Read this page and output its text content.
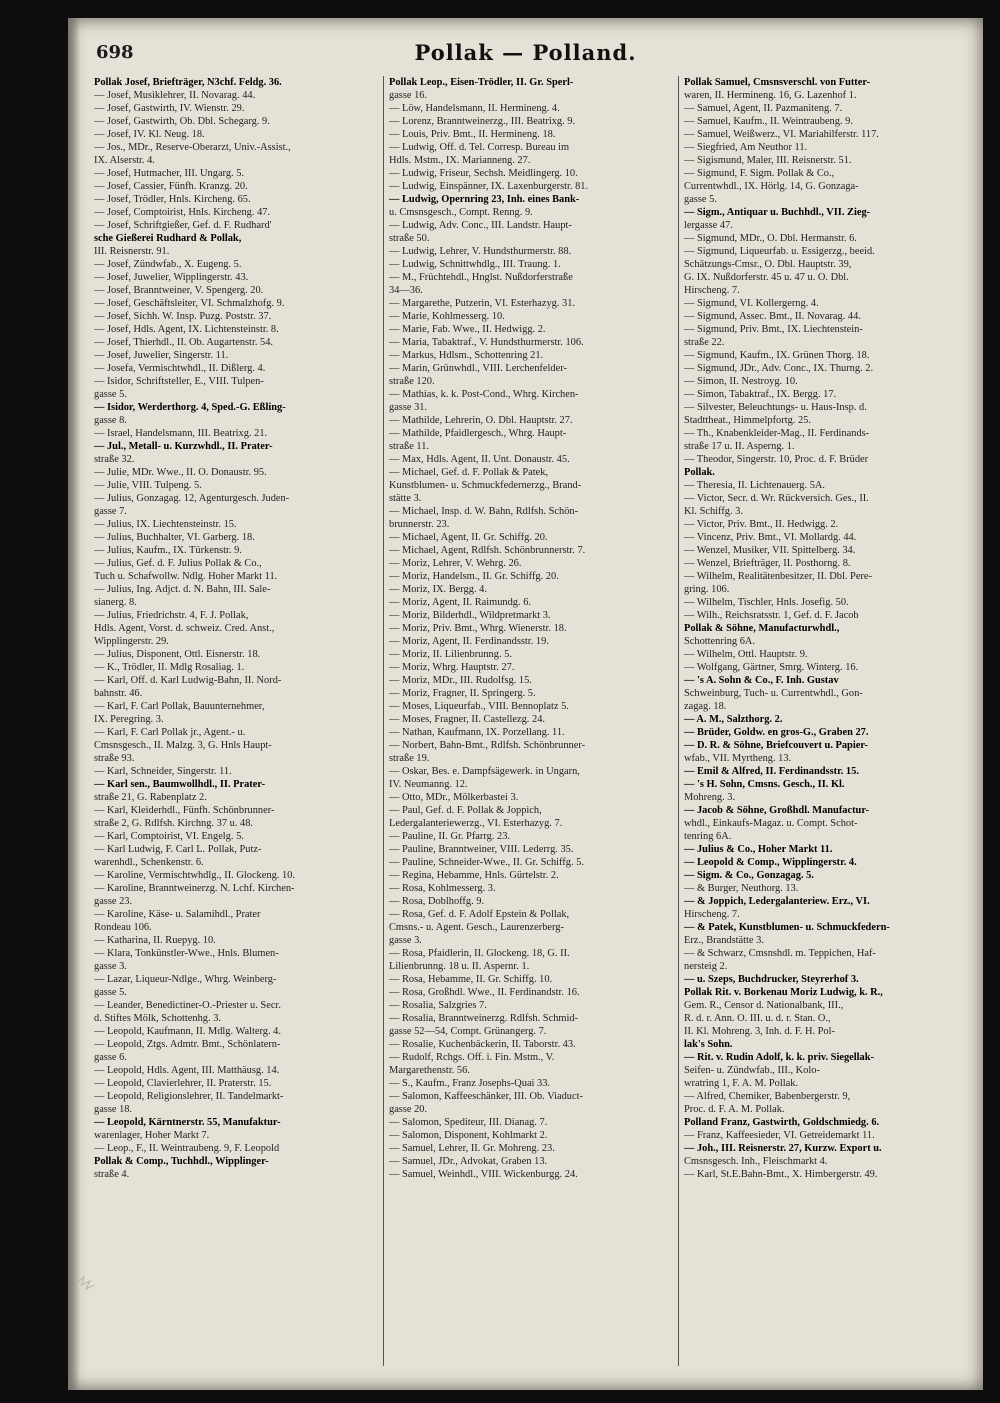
698	Pollak — Polland.

Pollak Josef, Briefträger, N3chf. Feldg. 36.

— Josef, Musiklehrer, II. Novarag. 44.

— Josef, Gastwirth, IV. Wienstr. 29.

— Josef, Gastwirth, Ob. Dbl. Schegarg. 9.

— Josef, IV. Kl. Neug. 18.

— Jos., MDr., Reserve-Oberarzt, Univ.-Assist.,

IX. Alserstr. 4.

— Josef, Hutmacher, III. Ungarg. 5.

— Josef, Cassier, Fünfh. Kranzg. 20.

— Josef, Trödler, Hnls. Kircheng. 65.

— Josef, Comptoirist, Hnls. Kircheng. 47.

— Josef, Schriftgießer, Gef. d. F. Rudhard'

sche Gießerei Rudhard & Pollak,

III. Reisnerstr. 91.

— Josef, Zündwfab., X. Eugeng. 5.

— Josef, Juwelier, Wipplingerstr. 43.

— Josef, Branntweiner, V. Spengerg. 20.

— Josef, Geschäftsleiter, VI. Schmalzhofg. 9.

— Josef, Sichh. W. Insp. Puzg. Poststr. 37.

— Josef, Hdls. Agent, IX. Lichtensteinstr. 8.

— Josef, Thierhdl., II. Ob. Augartenstr. 54.

— Josef, Juwelier, Singerstr. 11.

— Josefa, Vermischtwhdl., II. Dißlerg. 4.

— Isidor, Schriftsteller, E., VIII. Tulpen-

gasse 5.

— Isidor, Werderthorg. 4, Sped.-G. Eßling-

gasse 8.

— Israel, Handelsmann, III. Beatrixg. 21.

— Jul., Metall- u. Kurzwhdl., II. Prater-

straße 32.

— Julie, MDr. Wwe., II. O. Donaustr. 95.

— Julie, VIII. Tulpeng. 5.

— Julius, Gonzagag. 12, Agenturgesch. Juden-

gasse 7.

— Julius, IX. Liechtensteinstr. 15.

— Julius, Buchhalter, VI. Garberg. 18.

— Julius, Kaufm., IX. Türkenstr. 9.

— Julius, Gef. d. F. Julius Pollak & Co.,

Tuch u. Schafwollw. Ndlg. Hoher Markt 11.

— Julius, Ing. Adjct. d. N. Bahn, III. Sale-

sianerg. 8.

— Julius, Friedrichstr. 4, F. J. Pollak,

Hdls. Agent, Vorst. d. schweiz. Cred. Anst.,

Wipplingerstr. 29.

— Julius, Disponent, Ottl. Eisnerstr. 18.

— K., Trödler, II. Mdlg Rosaliag. 1.

— Karl, Off. d. Karl Ludwig-Bahn, II. Nord-

bahnstr. 46.

— Karl, F. Carl Pollak, Bauunternehmer,

IX. Peregring. 3.

— Karl, F. Carl Pollak jr., Agent.- u.

Cmsnsgesch., II. Malzg. 3, G. Hnls Haupt-

straße 93.

— Karl, Schneider, Singerstr. 11.

— Karl sen., Baumwollhdl., II. Prater-

straße 21, G. Rabenplatz 2.

— Karl, Kleiderhdl., Fünfh. Schönbrunner-

straße 2, G. Rdlfsh. Kirchng. 37 u. 48.

— Karl, Comptoirist, VI. Engelg. 5.

— Karl Ludwig, F. Carl L. Pollak, Putz-

warenhdl., Schenkenstr. 6.

— Karoline, Vermischtwhdlg., II. Glockeng. 10.

— Karoline, Branntweinerzg. N. Lchf. Kirchen-

gasse 23.

— Karoline, Käse- u. Salamihdl., Prater

Rondeau 106.

— Katharina, II. Ruepyg. 10.

— Klara, Tonkünstler-Wwe., Hnls. Blumen-

gasse 3.

— Lazar, Liqueur-Ndlge., Whrg. Weinberg-

gasse 5.

— Leander, Benedictiner-O.-Priester u. Secr.

d. Stiftes Mölk, Schottenhg. 3.

— Leopold, Kaufmann, II. Mdlg. Walterg. 4.

— Leopold, Ztgs. Admtr. Bmt., Schönlatern-

gasse 6.

— Leopold, Hdls. Agent, III. Matthäusg. 14.

— Leopold, Clavierlehrer, II. Praterstr. 15.

— Leopold, Religionslehrer, II. Tandelmarkt-

gasse 18.

— Leopold, Kärntnerstr. 55, Manufaktur-

warenlager, Hoher Markt 7.

— Leop., F., II. Weintraubeng. 9, F. Leopold

Pollak & Comp., Tuchhdl., Wipplinger-

straße 4.

Pollak Leop., Eisen-Trödler, II. Gr. Sperl-

gasse 16.

— Löw, Handelsmann, II. Hermineng. 4.

— Lorenz, Branntweinerzg., III. Beatrixg. 9.

— Louis, Priv. Bmt., II. Hermineng. 18.

— Ludwig, Off. d. Tel. Corresp. Bureau im

Hdls. Mstm., IX. Marianneng. 27.

— Ludwig, Friseur, Sechsh. Meidlingerg. 10.

— Ludwig, Einspänner, IX. Laxenburgerstr. 81.

— Ludwig, Opernring 23, Inh. eines Bank-

u. Cmsnsgesch., Compt. Renng. 9.

— Ludwig, Adv. Conc., III. Landstr. Haupt-

straße 50.

— Ludwig, Lehrer, V. Hundsthurmerstr. 88.

— Ludwig, Schnittwhdlg., III. Traung. 1.

— M., Früchtehdl., Hnglst. Nußdorferstraße

34—36.

— Margarethe, Putzerin, VI. Esterhazyg. 31.

— Marie, Kohlmesserg. 10.

— Marie, Fab. Wwe., II. Hedwigg. 2.

— Maria, Tabaktraf., V. Hundsthurmerstr. 106.

— Markus, Hdlsm., Schottenring 21.

— Marin, Grünwhdl., VIII. Lerchenfelder-

straße 120.

— Mathias, k. k. Post-Cond., Whrg. Kirchen-

gasse 31.

— Mathilde, Lehrerin, O. Dbl. Hauptstr. 27.

— Mathilde, Pfaidlergesch., Whrg. Haupt-

straße 11.

— Max, Hdls. Agent, II. Unt. Donaustr. 45.

— Michael, Gef. d. F. Pollak & Patek,

Kunstblumen- u. Schmuckfedernerzg., Brand-

stätte 3.

— Michael, Insp. d. W. Bahn, Rdlfsh. Schön-

brunnerstr. 23.

— Michael, Agent, II. Gr. Schiffg. 20.

— Michael, Agent, Rdlfsh. Schönbrunnerstr. 7.

— Moriz, Lehrer, V. Wehrg. 26.

— Moriz, Handelsm., II. Gr. Schiffg. 20.

— Moriz, IX. Bergg. 4.

— Moriz, Agent, II. Raimundg. 6.

— Moriz, Bilderhdl., Wildpretmarkt 3.

— Moriz, Priv. Bmt., Whrg. Wienerstr. 18.

— Moriz, Agent, II. Ferdinandsstr. 19.

— Moriz, II. Lilienbrunng. 5.

— Moriz, Whrg. Hauptstr. 27.

— Moriz, MDr., III. Rudolfsg. 15.

— Moriz, Fragner, II. Springerg. 5.

— Moses, Liqueurfab., VIII. Bennoplatz 5.

— Moses, Fragner, II. Castellezg. 24.

— Nathan, Kaufmann, IX. Porzellang. 11.

— Norbert, Bahn-Bmt., Rdlfsh. Schönbrunner-

straße 19.

— Oskar, Bes. e. Dampfsägewerk. in Ungarn,

IV. Neumanng. 12.

— Otto, MDr., Mölkerbastei 3.

— Paul, Gef. d. F. Pollak & Joppich,

Ledergalanteriewerzg., VI. Esterhazyg. 7.

— Pauline, II. Gr. Pfarrg. 23.

— Pauline, Branntweiner, VIII. Lederrg. 35.

— Pauline, Schneider-Wwe., II. Gr. Schiffg. 5.

— Regina, Hebamme, Hnls. Gürtelstr. 2.

— Rosa, Kohlmesserg. 3.

— Rosa, Doblhoffg. 9.

— Rosa, Gef. d. F. Adolf Epstein & Pollak,

Cmsns.- u. Agent. Gesch., Laurenzerberg-

gasse 3.

— Rosa, Pfaidlerin, II. Glockeng. 18, G. II.

Lilienbrunng. 18 u. II. Aspernr. 1.

— Rosa, Hebamme, II. Gr. Schiffg. 10.

— Rosa, Großhdl. Wwe., II. Ferdinandstr. 16.

— Rosalia, Salzgries 7.

— Rosalia, Branntweinerzg. Rdlfsh. Schmid-

gasse 52—54, Compt. Grünangerg. 7.

— Rosalie, Kuchenbäckerin, II. Taborstr. 43.

— Rudolf, Rchgs. Off. i. Fin. Mstm., V.

Margarethenstr. 56.

— S., Kaufm., Franz Josephs-Quai 33.

— Salomon, Kaffeeschänker, III. Ob. Viaduct-

gasse 20.

— Salomon, Spediteur, III. Dianag. 7.

— Salomon, Disponent, Kohlmarkt 2.

— Samuel, Lehrer, II. Gr. Mohreng. 23.

— Samuel, JDr., Advokat, Graben 13.

— Samuel, Weinhdl., VIII. Wickenburgg. 24.

Pollak Samuel, Cmsnsverschl. von Futter-

waren, II. Hermineng. 16, G. Lazenhof 1.

— Samuel, Agent, II. Pazmaniteng. 7.

— Samuel, Kaufm., II. Weintraubeng. 9.

— Samuel, Weißwerz., VI. Mariahilferstr. 117.

— Siegfried, Am Neuthor 11.

— Sigismund, Maler, III. Reisnerstr. 51.

— Sigmund, F. Sigm. Pollak & Co.,

Currentwhdl., IX. Hörlg. 14, G. Gonzaga-

gasse 5.

— Sigm., Antiquar u. Buchhdl., VII. Zieg-

lergasse 47.

— Sigmund, MDr., O. Dbl. Hermanstr. 6.

— Sigmund, Liqueurfab. u. Essigerzg., beeid.

Schätzungs-Cmsr., O. Dbl. Hauptstr. 39,

G. IX. Nußdorferstr. 45 u. 47 u. O. Dbl.

Hirscheng. 7.

— Sigmund, VI. Kollergerng. 4.

— Sigmund, Assec. Bmt., II. Novarag. 44.

— Sigmund, Priv. Bmt., IX. Liechtenstein-

straße 22.

— Sigmund, Kaufm., IX. Grünen Thorg. 18.

— Sigmund, JDr., Adv. Conc., IX. Thurng. 2.

— Simon, II. Nestroyg. 10.

— Simon, Tabaktraf., IX. Bergg. 17.

— Silvester, Beleuchtungs- u. Haus-Insp. d.

Stadttheat., Himmelpfortg. 25.

— Th., Knabenkleider-Mag., II. Ferdinands-

straße 17 u. II. Asperng. 1.

— Theodor, Singerstr. 10, Proc. d. F. Brüder

Pollak.

— Theresia, II. Lichtenauerg. 5A.

— Victor, Secr. d. Wr. Rückversich. Ges., II.

Kl. Schiffg. 3.

— Victor, Priv. Bmt., II. Hedwigg. 2.

— Vincenz, Priv. Bmt., VI. Mollardg. 44.

— Wenzel, Musiker, VII. Spittelberg. 34.

— Wenzel, Briefträger, II. Posthorng. 8.

— Wilhelm, Realitätenbesitzer, II. Dbl. Pere-

gring. 106.

— Wilhelm, Tischler, Hnls. Josefig. 50.

— Wilh., Reichsratsstr. 1, Gef. d. F. Jacob

Pollak & Söhne, Manufacturwhdl.,

Schottenring 6A.

— Wilhelm, Ottl. Hauptstr. 9.

— Wolfgang, Gärtner, Smrg. Winterg. 16.

— 's A. Sohn & Co., F. Inh. Gustav

Schweinburg, Tuch- u. Currentwhdl., Gon-

zagag. 18.

— A. M., Salzthorg. 2.

— Brüder, Goldw. en gros-G., Graben 27.

— D. R. & Söhne, Briefcouvert u. Papier-

wfab., VII. Myrtheng. 13.

— Emil & Alfred, II. Ferdinandsstr. 15.

— 's H. Sohn, Cmsns. Gesch., II. Kl.

Mohreng. 3.

— Jacob & Söhne, Großhdl. Manufactur-

whdl., Einkaufs-Magaz. u. Compt. Schot-

tenring 6A.

— Julius & Co., Hoher Markt 11.

— Leopold & Comp., Wipplingerstr. 4.

— Sigm. & Co., Gonzagag. 5.

— & Burger, Neuthorg. 13.

— & Joppich, Ledergalanteriew. Erz., VI.

Hirscheng. 7.

— & Patek, Kunstblumen- u. Schmuckfedern-

Erz., Brandstätte 3.

— & Schwarz, Cmsnshdl. m. Teppichen, Haf-

nersteig 2.

— u. Szeps, Buchdrucker, Steyrerhof 3.

Pollak Rit. v. Borkenau Moriz Ludwig, k. R.,

Gem. R., Censor d. Nationalbank, III.,

R. d. r. Ann. O. III. u. d. r. Stan. O.,

II. Kl. Mohreng. 3, Inh. d. F. H. Pol-

lak's Sohn.

— Rit. v. Rudin Adolf, k. k. priv. Siegellak-

Seifen- u. Zündwfab., III., Kolo-

wratring 1, F. A. M. Pollak.

— Alfred, Chemiker, Babenbergerstr. 9,

Proc. d. F. A. M. Pollak.

Polland Franz, Gastwirth, Goldschmiedg. 6.

— Franz, Kaffeesieder, VI. Getreidemarkt 11.

— Joh., III. Reisnerstr. 27, Kurzw. Export u.

Cmsnsgesch. Inh., Fleischmarkt 4.

— Karl, St.E.Bahn-Bmt., X. Himbergerstr. 49.
